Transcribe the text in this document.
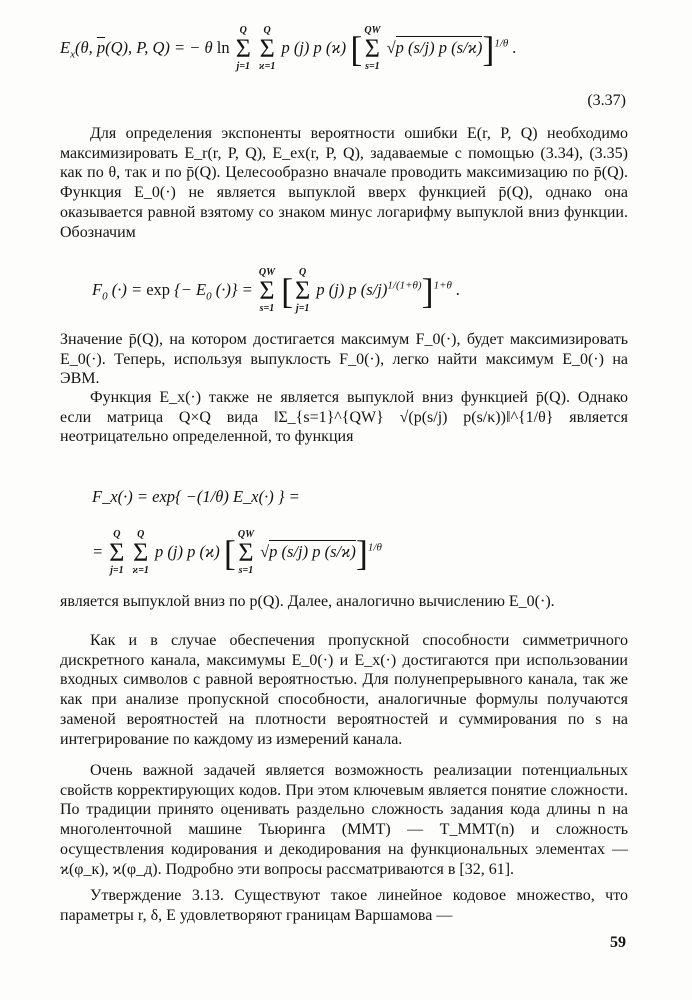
$E_x(\theta$, $\overline{p}(Q)$, P, Q) = − θ ln
Q
Σ
j=1

Q
Σ
ϰ=1
p (j) p (ϰ) [ QW
Σ
s=1
√p (s/j) p (s/ϰ)]$^{1/\theta}$ .
(3.37)
Для определения экспоненты вероятности ошибки E(r, P, Q) необходимо максимизировать E_r(r, P, Q), E_ex(r, P, Q), задаваемые с помощью (3.34), (3.35) как по θ, так и по p̄(Q). Целесообразно вначале проводить максимизацию по p̄(Q). Функция E_0(·) не является выпуклой вверх функцией p̄(Q), однако она оказывается равной взятому со знаком минус логарифму выпуклой вниз функции. Обозначим
$F_0$ (·) = exp {− $E_0$ (·)} =
QW
Σ
s=1 [ Q
Σ
j=1
p (j) p $(s/j)^{1/(1+\theta)}]^{1+\theta}$ .
Значение p̄(Q), на котором достигается максимум F_0(·), будет максимизировать E_0(·). Теперь, используя выпуклость F_0(·), легко найти максимум E_0(·) на ЭВМ.
Функция E_x(·) также не является выпуклой вниз функцией p̄(Q). Однако если матрица Q×Q вида ‖Σ_{s=1}^{QW} √(p(s/j) p(s/κ))‖^{1/θ} является неотрицательно определенной, то функция
F_x(·) = exp{ −(1/θ) E_x(·) } =
=
Q
Σ
j=1

Q
Σ
ϰ=1
p (j) p (ϰ) [ QW
Σ
s=1
√p (s/j) p (s/ϰ)]$^{1/\theta}$
является выпуклой вниз по p(Q). Далее, аналогично вычислению E_0(·).
Как и в случае обеспечения пропускной способности симметричного дискретного канала, максимумы E_0(·) и E_x(·) достигаются при использовании входных символов с равной вероятностью. Для полунепрерывного канала, так же как при анализе пропускной способности, аналогичные формулы получаются заменой вероятностей на плотности вероятностей и суммирования по s на интегрирование по каждому из измерений канала.
Очень важной задачей является возможность реализации потенциальных свойств корректирующих кодов. При этом ключевым является понятие сложности. По традиции принято оценивать раздельно сложность задания кода длины n на многоленточной машине Тьюринга (ММТ) — T_ММТ(n) и сложность осуществления кодирования и декодирования на функциональных элементах — ϰ(φ_к), ϰ(φ_д). Подробно эти вопросы рассматриваются в [32, 61].
Утверждение 3.13. Существуют такое линейное кодовое множество, что параметры r, δ, E удовлетворяют границам Варшамова —
59
